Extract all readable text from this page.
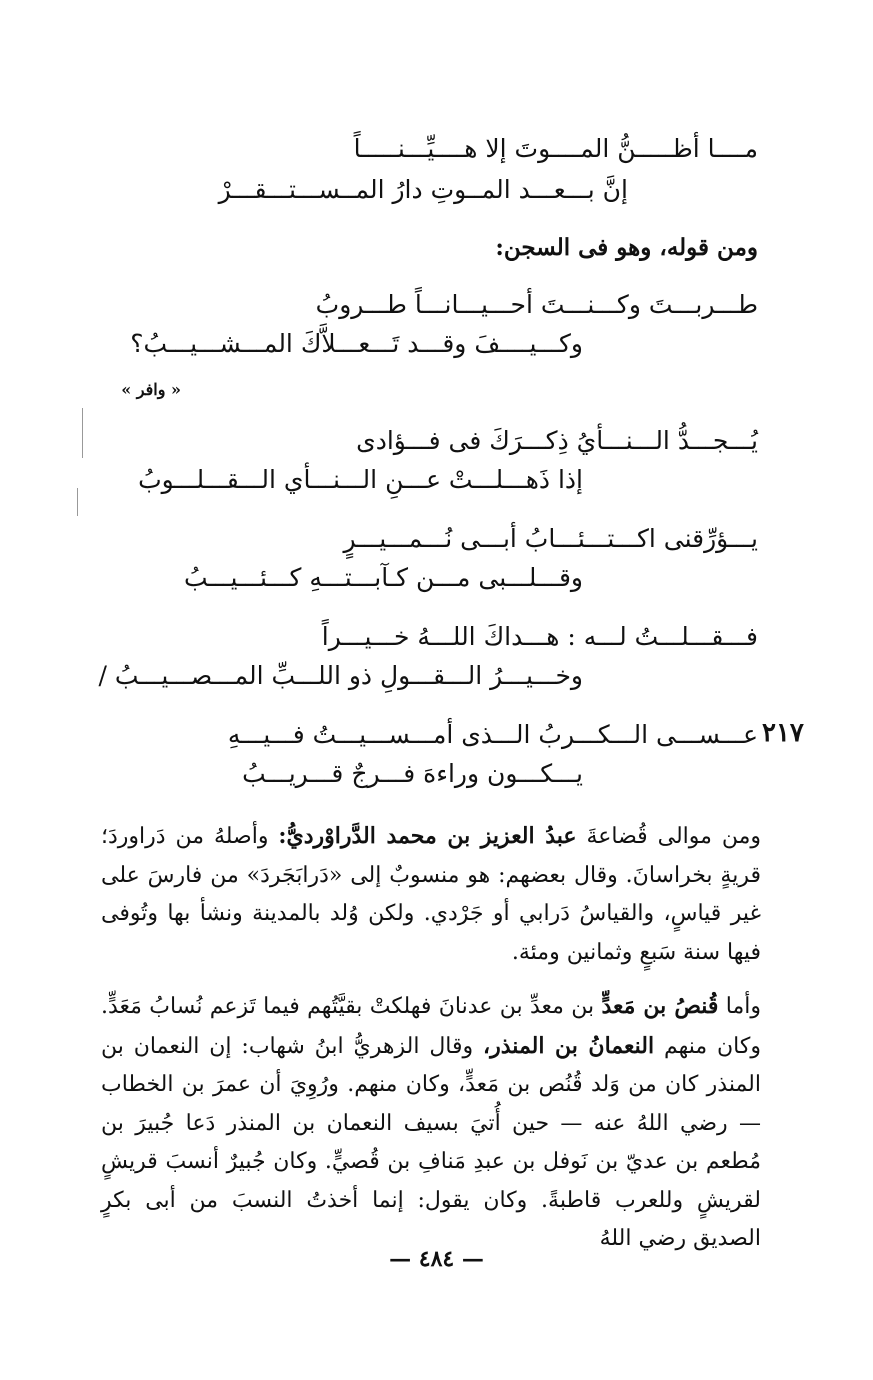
مــــا أظـــــنُّ المــــوتَ إلا هــــيِّـــنـــــاً
إنَّ بـــعـــد المــوتِ دارُ المــســـتـــقـــرْ
ومن قوله، وهو فى السجن:
طـــربـــتَ وكـــنـــتَ أحـــيـــانـــاً طـــروبُ
وكـــيــــفَ وقـــد تَـــعـــلاَّكَ المـــشـــيـــبُ؟
« وافر »
يُـــجـــدُّ الـــنـــأيُ ذِكـــرَكَ فى فـــؤادى
إذا ذَهـــلـــتْ عـــنِ الـــنـــأي الـــقـــلـــوبُ
يـــؤرِّقنى اكـــتـــئـــابُ أبـــى نُـــمـــيـــرٍ
وقـــلـــبى مـــن كـآبـــتـــهِ كـــئـــيـــبُ
فـــقـــلـــتُ لـــه : هـــداكَ اللـــهُ خـــيـــراً
وخـــيـــرُ الـــقـــولِ ذو اللـــبِّ المـــصـــيـــبُ /
٢١٧
عـــســـى الـــكـــربُ الـــذى أمـــســـيـــتُ فـــيـــهِ
يـــكـــون وراءهَ فـــرجٌ قـــريـــبُ
ومن موالى قُضاعةَ عبدُ العزيز بن محمد الدَّراوْرديُّ: وأصلهُ من دَراوردَ؛ قريةٍ بخراسانَ. وقال بعضهم: هو منسوبٌ إلى «دَرابَجَردَ» من فارسَ على غير قياسٍ، والقياسُ دَرابي أو جَرْدي. ولكن وُلد بالمدينة ونشأ بها وتُوفى فيها سنة سَبعٍ وثمانين ومئة.
وأما قُنصُ بن مَعدٍّ بن معدِّ بن عدنانَ فهلكتْ بقيَّتُهم فيما تَزعم نُسابُ مَعَدٍّ. وكان منهم النعمانُ بن المنذر، وقال الزهريُّ ابنُ شهاب: إن النعمان بن المنذر كان من وَلد قُنُص بن مَعدٍّ، وكان منهم. ورُوِيَ أن عمرَ بن الخطاب — رضي اللهُ عنه — حين أُتيَ بسيف النعمان بن المنذر دَعا جُبيرَ بن مُطعم بن عديّ بن نَوفل بن عبدِ مَنافِ بن قُصيٍّ. وكان جُبيرٌ أنسبَ قريشٍ لقريشٍ وللعرب قاطبةً. وكان يقول: إنما أخذتُ النسبَ من أبى بكرٍ الصديق رضي اللهُ
— ٤٨٤ —
